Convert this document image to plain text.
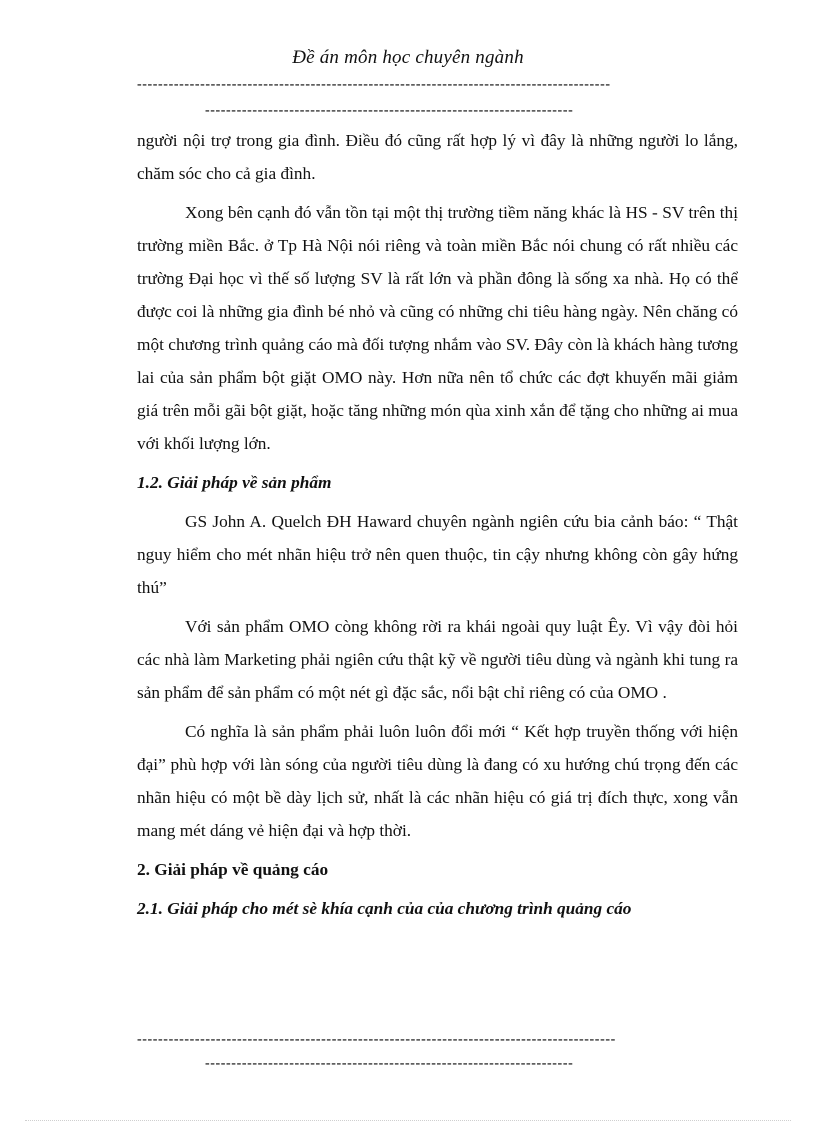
Đề án môn học chuyên ngành
------------------------------------------------------------------------------------------
----------------------------------------------------------------------

người nội trợ trong gia đình. Điều đó cũng rất hợp lý vì đây là những người lo lắng, chăm sóc cho cả gia đình.

Xong bên cạnh đó vẫn tồn tại một thị trường tiềm năng khác là HS - SV trên thị trường miền Bắc. ở Tp Hà Nội nói riêng và toàn miền Bắc nói chung có rất nhiều các trường Đại học vì thế số lượng SV là rất lớn và phần đông là sống xa nhà. Họ có thể được coi là những gia đình bé nhỏ và cũng có những chi tiêu hàng ngày. Nên chăng có một chương trình quảng cáo mà đối tượng nhắm vào SV. Đây còn là khách hàng tương lai của sản phẩm bột giặt OMO này. Hơn nữa nên tổ chức các đợt khuyến mãi giảm giá trên mỗi gãi bột giặt, hoặc tăng những món qùa xinh xắn để tặng cho những ai mua với khối lượng lớn.

1.2. Giải pháp về sản phẩm

GS John A. Quelch ĐH Haward chuyên ngành ngiên cứu bia cảnh báo: “ Thật nguy hiểm cho mét nhãn hiệu trở nên quen thuộc, tin cậy nhưng không còn gây hứng thú”

Với sản phẩm OMO còng không rời ra khái ngoài quy luật Êy. Vì vậy đòi hỏi các nhà làm Marketing phải ngiên cứu thật kỹ về người tiêu dùng và ngành khi tung ra sản phẩm để sản phẩm có một nét gì đặc sắc, nổi bật chỉ riêng có của OMO .

Có nghĩa là sản phẩm phải luôn luôn đổi mới “ Kết hợp truyền thống với hiện đại” phù hợp với làn sóng của người tiêu dùng là đang có xu hướng chú trọng đến các nhãn hiệu có một bề dày lịch sử, nhất là các nhãn hiệu có giá trị đích thực, xong vẫn mang mét dáng vẻ hiện đại và hợp thời.

2. Giải pháp về quảng cáo

2.1. Giải pháp cho mét sè khía cạnh của của chương trình quảng cáo

-------------------------------------------------------------------------------------------
----------------------------------------------------------------------
